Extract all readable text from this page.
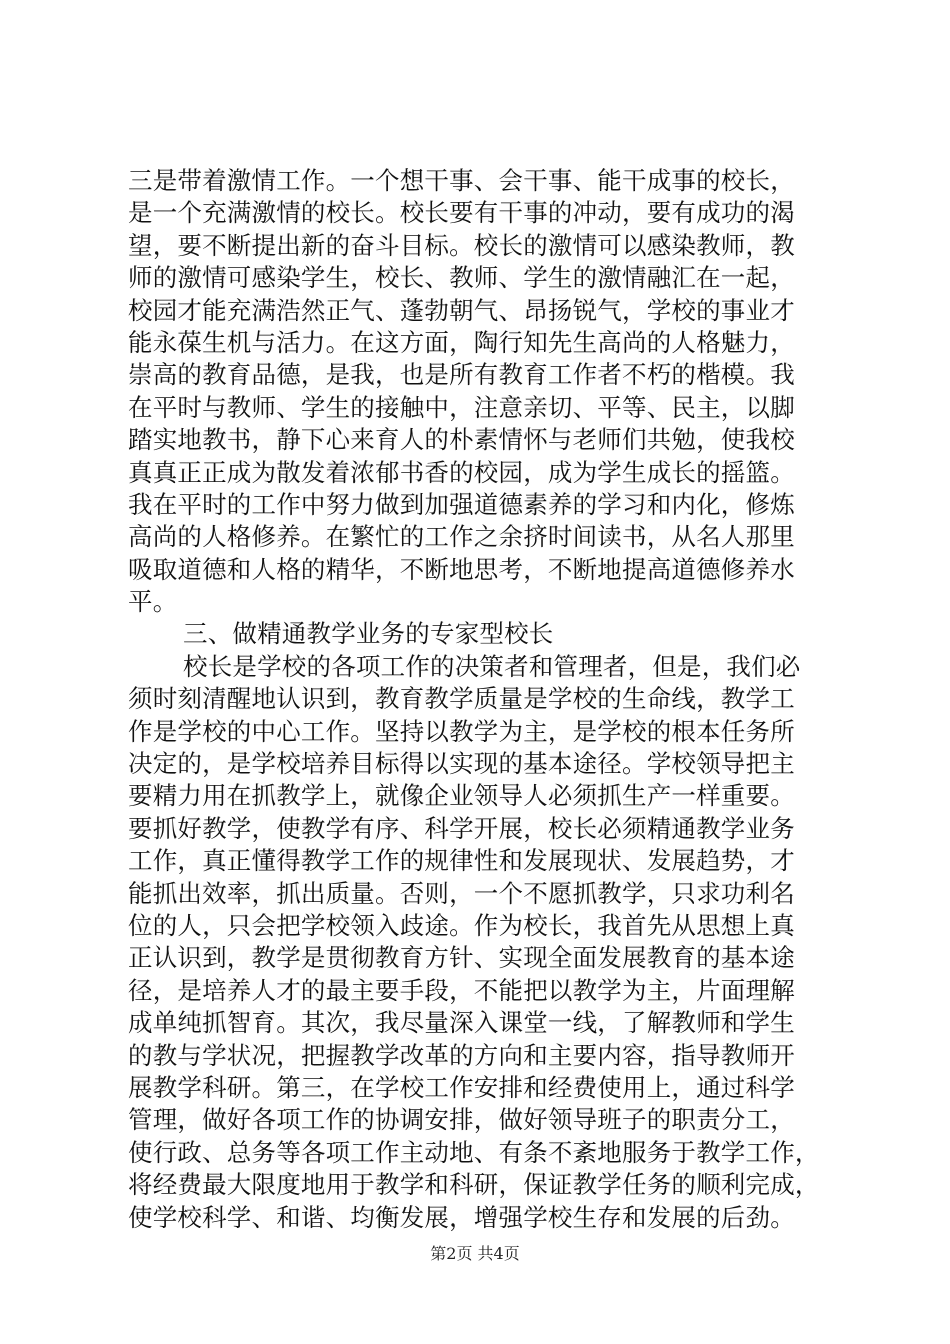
三是带着激情工作。一个想干事、会干事、能干成事的校长，
是一个充满激情的校长。校长要有干事的冲动，要有成功的渴
望，要不断提出新的奋斗目标。校长的激情可以感染教师，教
师的激情可感染学生，校长、教师、学生的激情融汇在一起，
校园才能充满浩然正气、蓬勃朝气、昂扬锐气，学校的事业才
能永葆生机与活力。在这方面，陶行知先生高尚的人格魅力，
崇高的教育品德，是我，也是所有教育工作者不朽的楷模。我
在平时与教师、学生的接触中，注意亲切、平等、民主，以脚
踏实地教书，静下心来育人的朴素情怀与老师们共勉，使我校
真真正正成为散发着浓郁书香的校园，成为学生成长的摇篮。
我在平时的工作中努力做到加强道德素养的学习和内化，修炼
高尚的人格修养。在繁忙的工作之余挤时间读书，从名人那里
吸取道德和人格的精华，不断地思考，不断地提高道德修养水
平。
三、做精通教学业务的专家型校长
校长是学校的各项工作的决策者和管理者，但是，我们必
须时刻清醒地认识到，教育教学质量是学校的生命线，教学工
作是学校的中心工作。坚持以教学为主，是学校的根本任务所
决定的，是学校培养目标得以实现的基本途径。学校领导把主
要精力用在抓教学上，就像企业领导人必须抓生产一样重要。
要抓好教学，使教学有序、科学开展，校长必须精通教学业务
工作，真正懂得教学工作的规律性和发展现状、发展趋势，才
能抓出效率，抓出质量。否则，一个不愿抓教学，只求功利名
位的人，只会把学校领入歧途。作为校长，我首先从思想上真
正认识到，教学是贯彻教育方针、实现全面发展教育的基本途
径，是培养人才的最主要手段，不能把以教学为主，片面理解
成单纯抓智育。其次，我尽量深入课堂一线，了解教师和学生
的教与学状况，把握教学改革的方向和主要内容，指导教师开
展教学科研。第三，在学校工作安排和经费使用上，通过科学
管理，做好各项工作的协调安排，做好领导班子的职责分工，
使行政、总务等各项工作主动地、有条不紊地服务于教学工作，
将经费最大限度地用于教学和科研，保证教学任务的顺利完成，
使学校科学、和谐、均衡发展，增强学校生存和发展的后劲。
第2页 共4页
